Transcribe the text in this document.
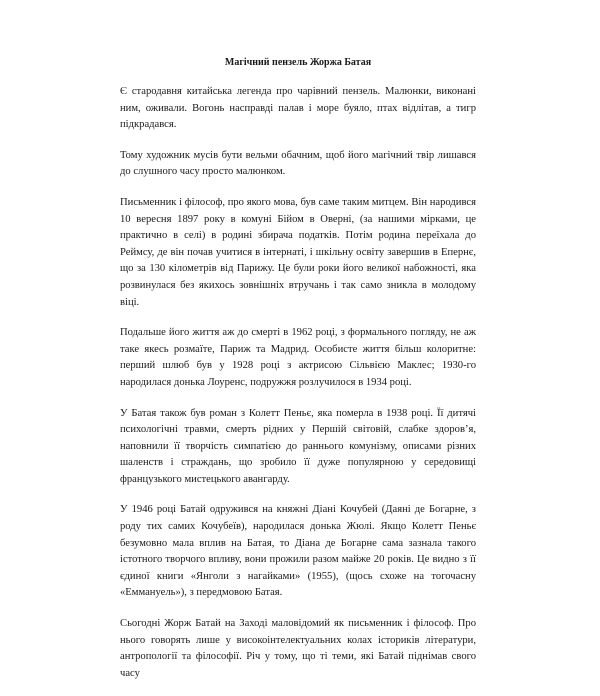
Магічний пензель Жоржа Батая

Є стародавня китайська легенда про чарівний пензель. Малюнки, виконані ним, оживали. Вогонь насправді палав і море буяло, птах відлітав, а тигр підкрадався.

Тому художник мусів бути вельми обачним, щоб його магічний твір лишався до слушного часу просто малюнком.

Письменник і філософ, про якого мова, був саме таким митцем. Він народився 10 вересня 1897 року в комуні Бійом в Оверні, (за нашими мірками, це практично в селі) в родині збирача податків. Потім родина переїхала до Реймсу, де він почав учитися в інтернаті, і шкільну освіту завершив в Епернє, що за 130 кілометрів від Парижу. Це були роки його великої набожності, яка розвинулася без якихось зовнішніх втручань і так само зникла в молодому віці.

Подальше його життя аж до смерті в 1962 році, з формального погляду, не аж таке якесь розмаїте, Париж та Мадрид. Особисте життя більш колоритне: перший шлюб був у 1928 році з актрисою Сільвією Маклес; 1930-го народилася донька Лоуренс, подружжя розлучилося в 1934 році.

У Батая також був роман з Колетт Пеньє, яка померла в 1938 році. Її дитячі психологічні травми, смерть рідних у Першій світовій, слабке здоров’я, наповнили її творчість симпатією до раннього комунізму, описами різних шаленств і страждань, що зробило її дуже популярною у середовищі французького мистецького авангарду.

У 1946 році Батай одружився на княжні Діані Кочубей (Даяні де Богарне, з роду тих самих Кочубеїв), народилася донька Жюлі. Якщо Колетт Пеньє безумовно мала вплив на Батая, то Діана де Богарне сама зазнала такого істотного творчого впливу, вони прожили разом майже 20 років. Це видно з її єдиної книги «Янголи з нагайками» (1955), (щось схоже на тогочасну «Еммануель»), з передмовою Батая.

Сьогодні Жорж Батай на Заході маловідомий як письменник і філософ. Про нього говорять лише у високоінтелектуальних колах істориків літератури, антропології та філософії. Річ у тому, що ті теми, які Батай піднімав свого часу
